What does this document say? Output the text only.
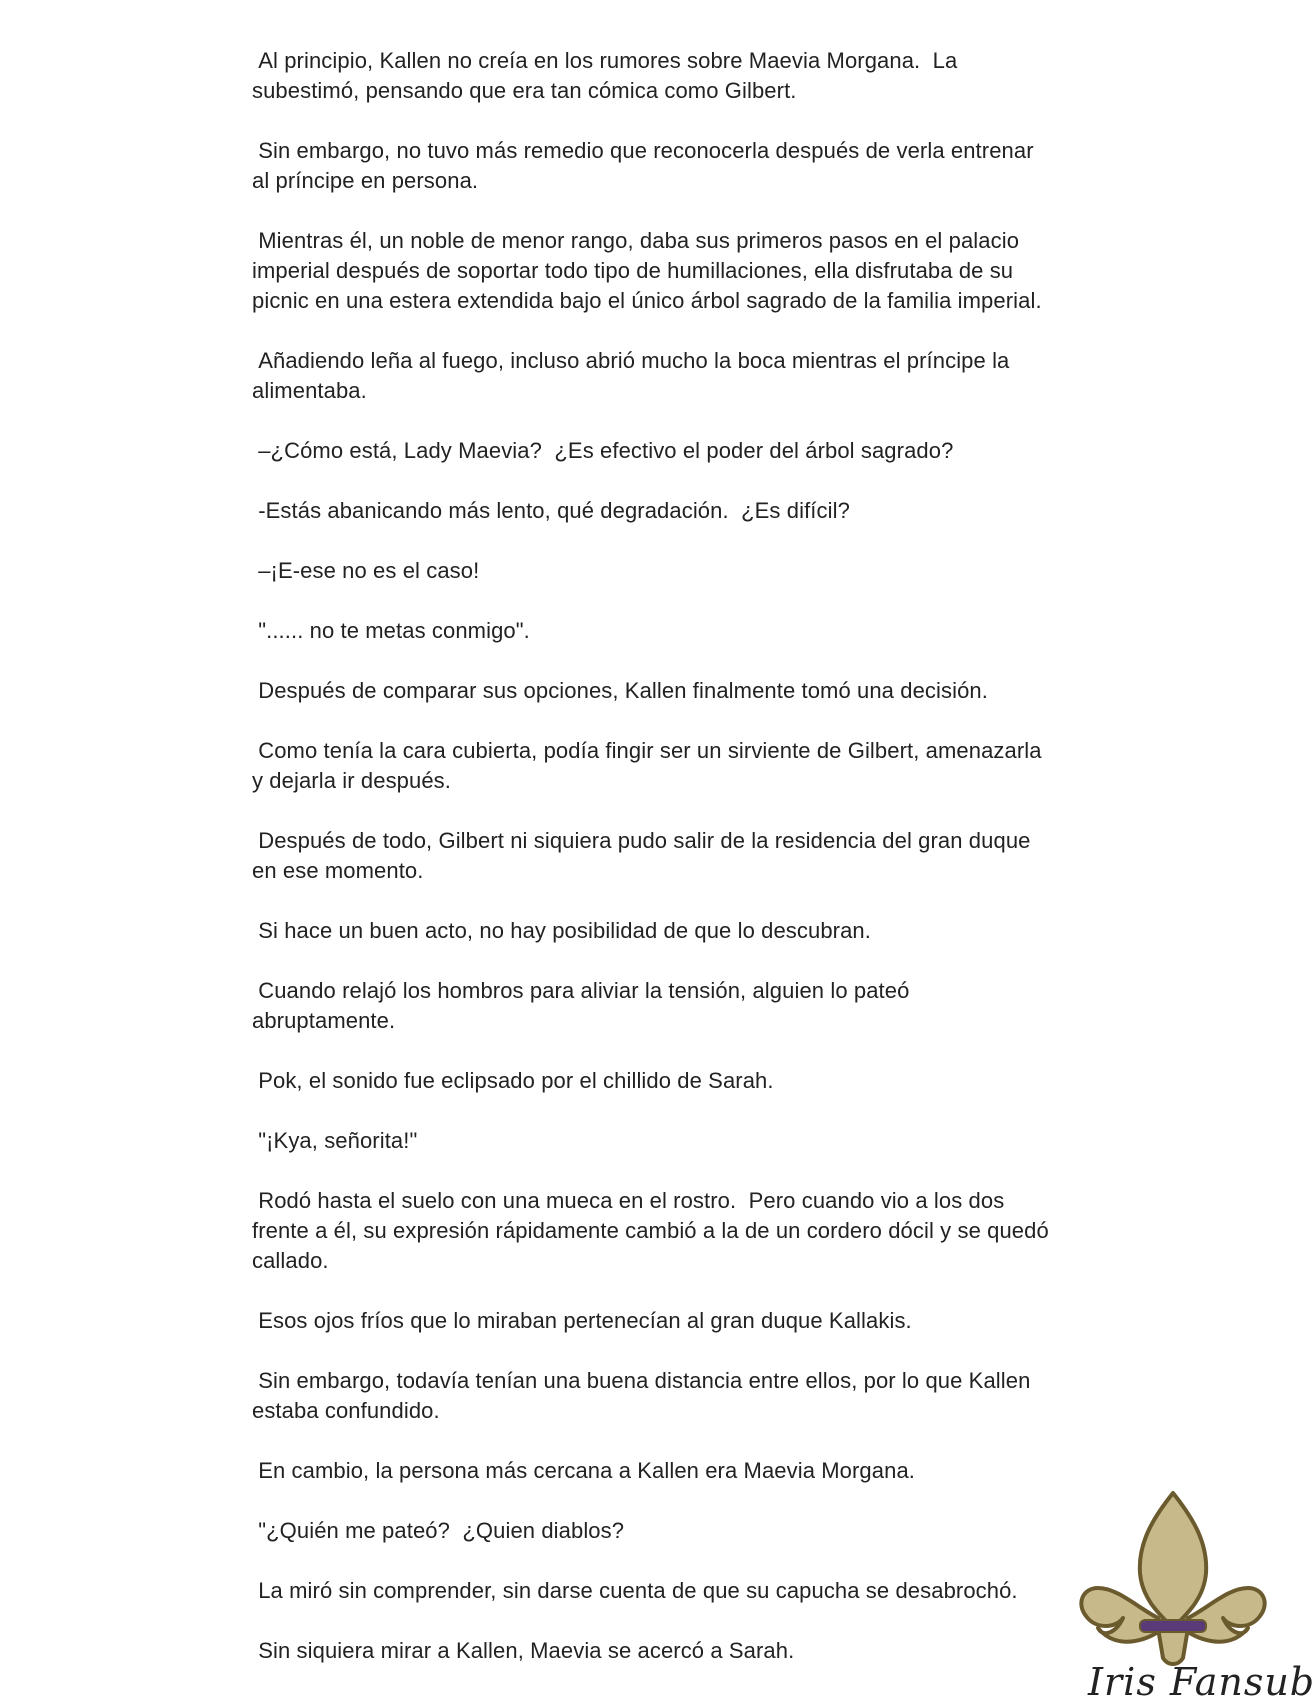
Al principio, Kallen no creía en los rumores sobre Maevia Morgana.  La subestimó, pensando que era tan cómica como Gilbert.

Sin embargo, no tuvo más remedio que reconocerla después de verla entrenar al príncipe en persona.

Mientras él, un noble de menor rango, daba sus primeros pasos en el palacio imperial después de soportar todo tipo de humillaciones, ella disfrutaba de su picnic en una estera extendida bajo el único árbol sagrado de la familia imperial.

Añadiendo leña al fuego, incluso abrió mucho la boca mientras el príncipe la alimentaba.

–¿Cómo está, Lady Maevia?  ¿Es efectivo el poder del árbol sagrado?

-Estás abanicando más lento, qué degradación.  ¿Es difícil?

–¡E-ese no es el caso!

"...... no te metas conmigo".

Después de comparar sus opciones, Kallen finalmente tomó una decisión.

Como tenía la cara cubierta, podía fingir ser un sirviente de Gilbert, amenazarla y dejarla ir después.

Después de todo, Gilbert ni siquiera pudo salir de la residencia del gran duque en ese momento.

Si hace un buen acto, no hay posibilidad de que lo descubran.

Cuando relajó los hombros para aliviar la tensión, alguien lo pateó abruptamente.

Pok, el sonido fue eclipsado por el chillido de Sarah.

"¡Kya, señorita!"

Rodó hasta el suelo con una mueca en el rostro.  Pero cuando vio a los dos frente a él, su expresión rápidamente cambió a la de un cordero dócil y se quedó callado.

Esos ojos fríos que lo miraban pertenecían al gran duque Kallakis.

Sin embargo, todavía tenían una buena distancia entre ellos, por lo que Kallen estaba confundido.

En cambio, la persona más cercana a Kallen era Maevia Morgana.

"¿Quién me pateó?  ¿Quien diablos?

La miró sin comprender, sin darse cuenta de que su capucha se desabrochó.

Sin siquiera mirar a Kallen, Maevia se acercó a Sarah.

Iris Fansub
